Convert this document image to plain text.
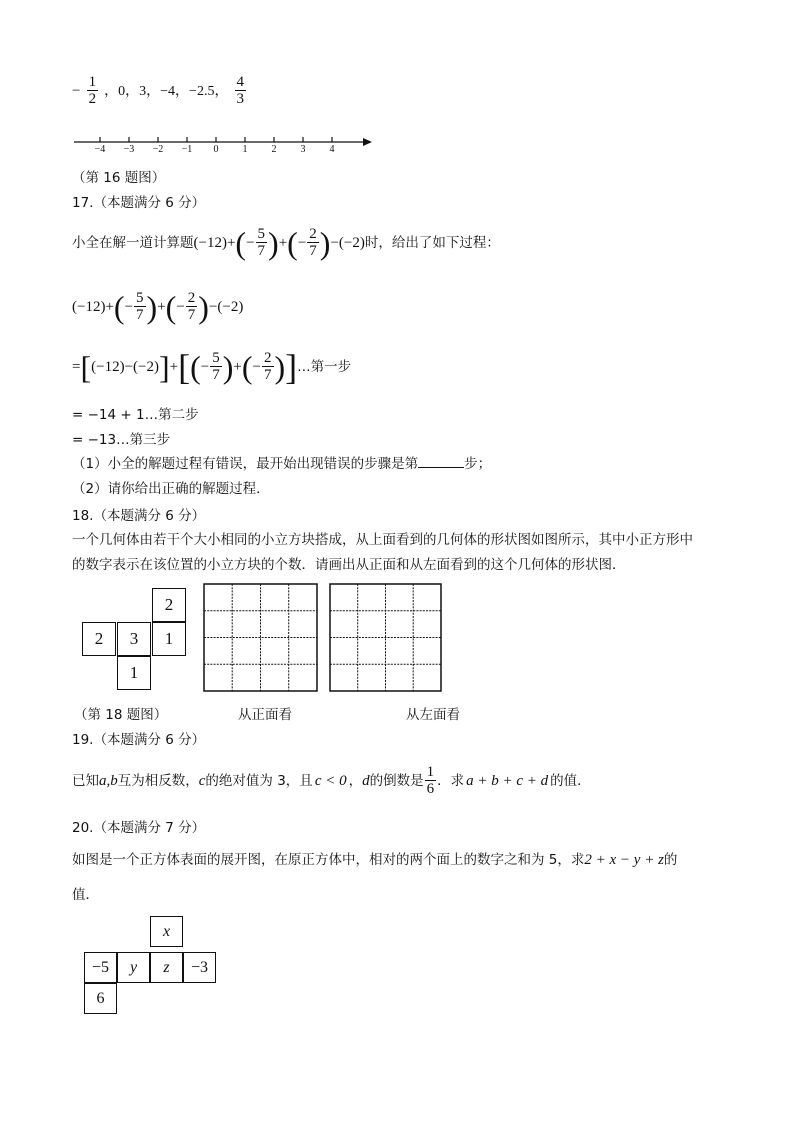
− $\frac{1}{2}$ ，0，3，−4，−2.5， $\frac{4}{3}$
−4	−3	−2	−1	0	1	2	3	4
（第 16 题图）
17.（本题满分 6 分）
小全在解一道计算题 (−12) + ( − $\frac{5}{7}$ ) + ( − $\frac{2}{7}$ ) − (−2) 时，给出了如下过程：
(−12) + ( − $\frac{5}{7}$ ) + ( − $\frac{2}{7}$ ) − (−2)
= [ (−12) − (−2) ] + [ ( − $\frac{5}{7}$ ) + ( − $\frac{2}{7}$ ) ] …第一步
= −14 + 1…第二步
= −13…第三步
（1）小全的解题过程有错误，最开始出现错误的步骤是第	步；
（2）请你给出正确的解题过程．
18.（本题满分 6 分）
一个几何体由若干个大小相同的小立方块搭成，从上面看到的几何体的形状图如图所示，其中小正方形中
的数字表示在该位置的小立方块的个数．请画出从正面和从左面看到的这个几何体的形状图．
2
2	3	1
1
（第 18 题图）	从正面看	从左面看
19.（本题满分 6 分）
已知 a , b 互为相反数， c 的绝对值为 3，且 c < 0 ， d 的倒数是 $\frac{1}{6}$ ．求 a + b + c + d 的值．
20.（本题满分 7 分）
如图是一个正方体表面的展开图，在原正方体中，相对的两个面上的数字之和为 5，求2 + x − y + z的
值．
x
−5	y	z	−3
6
